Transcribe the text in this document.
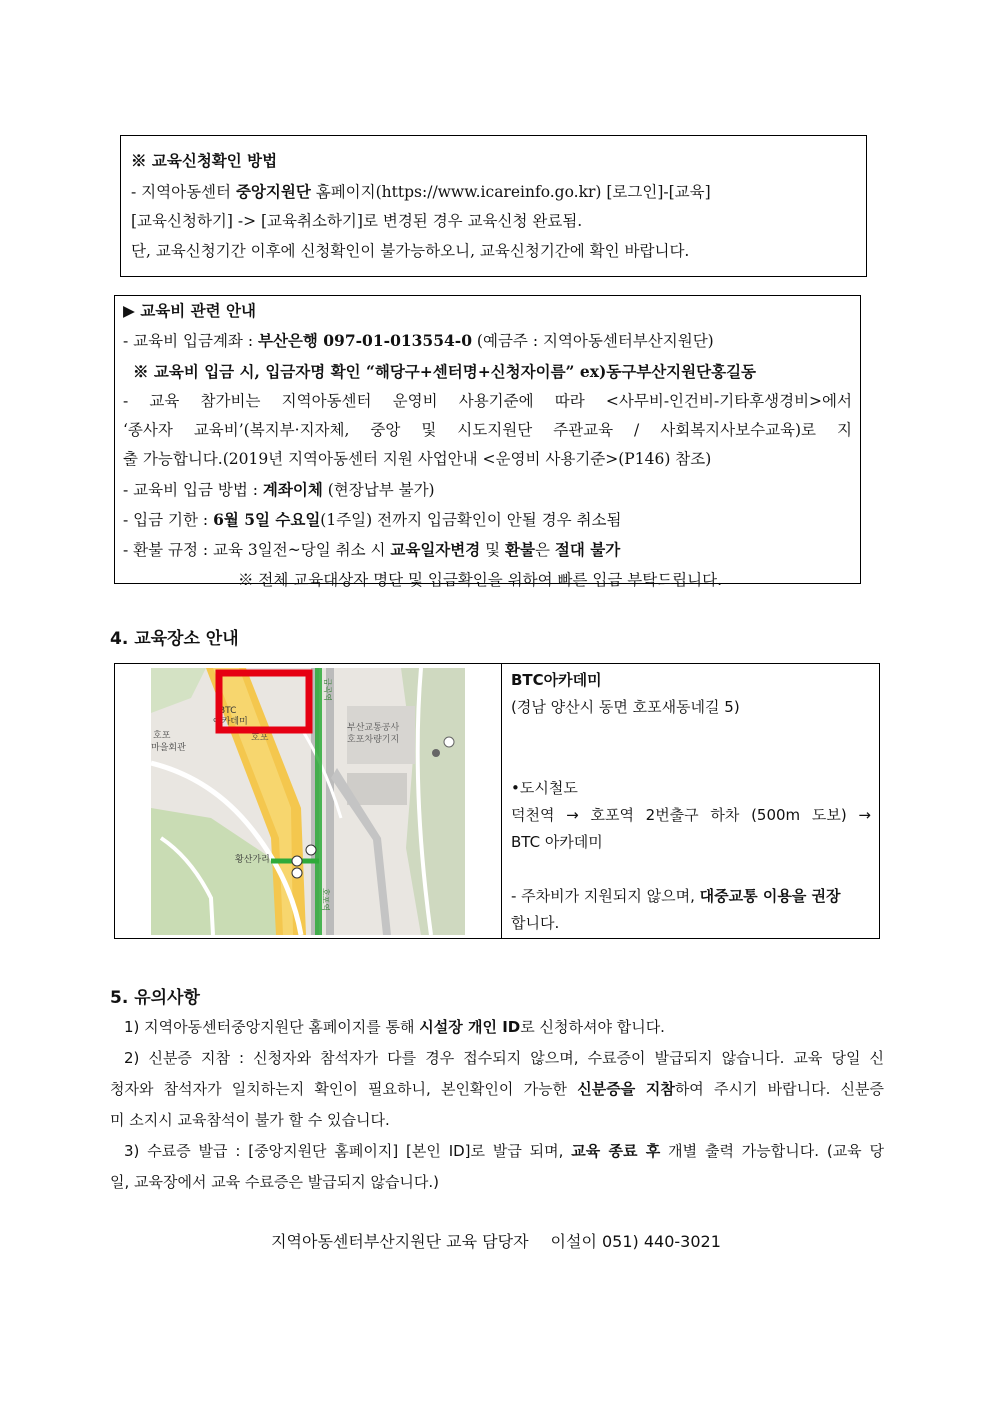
※ 교육신청확인 방법
- 지역아동센터 중앙지원단 홈페이지(https://www.icareinfo.go.kr) [로그인]-[교육]
[교육신청하기] -> [교육취소하기]로 변경된 경우 교육신청 완료됨.
단, 교육신청기간 이후에 신청확인이 불가능하오니, 교육신청기간에 확인 바랍니다.
▶ 교육비 관련 안내
- 교육비 입금계좌 : 부산은행 097-01-013554-0 (예금주 : 지역아동센터부산지원단)
※ 교육비 입금 시, 입금자명 확인 “해당구+센터명+신청자이름” ex)동구부산지원단홍길동
- 교육 참가비는 지역아동센터 운영비 사용기준에 따라 <사무비-인건비-기타후생경비>에서
‘종사자 교육비’(복지부·지자체, 중앙 및 시도지원단 주관교육 / 사회복지사보수교육)로 지
출 가능합니다.(2019년 지역아동센터 지원 사업안내 <운영비 사용기준>(P146) 참조)
- 교육비 입금 방법 : 계좌이체 (현장납부 불가)
- 입금 기한 : 6월 5일 수요일(1주일) 전까지 입금확인이 안될 경우 취소됨
- 환불 규정 : 교육 3일전~당일 취소 시 교육일자변경 및 환불은 절대 불가
※ 전체 교육대상자 명단 및 입금확인을 위하여 빠른 입금 부탁드립니다.
4. 교육장소 안내
BTC
아카데미
호포
마을회관
호포
부산교통공사
호포차량기지
황산가리
호포역
금곡역	BTC아카데미
(경남 양산시 동면 호포새동네길 5)
•도시철도
덕천역 → 호포역 2번출구 하차 (500m 도보) →
BTC 아카데미
- 주차비가 지원되지 않으며, 대중교통 이용을 권장
합니다.
5. 유의사항
1) 지역아동센터중앙지원단 홈페이지를 통해 시설장 개인 ID로 신청하셔야 합니다.
2) 신분증 지참 : 신청자와 참석자가 다를 경우 접수되지 않으며, 수료증이 발급되지 않습니다. 교육 당일 신
청자와 참석자가 일치하는지 확인이 필요하니, 본인확인이 가능한 신분증을 지참하여 주시기 바랍니다. 신분증
미 소지시 교육참석이 불가 할 수 있습니다.
3) 수료증 발급 : [중앙지원단 홈페이지] [본인 ID]로 발급 되며, 교육 종료 후 개별 출력 가능합니다. (교육 당
일, 교육장에서 교육 수료증은 발급되지 않습니다.)
지역아동센터부산지원단 교육 담당자 이설이 051) 440-3021
